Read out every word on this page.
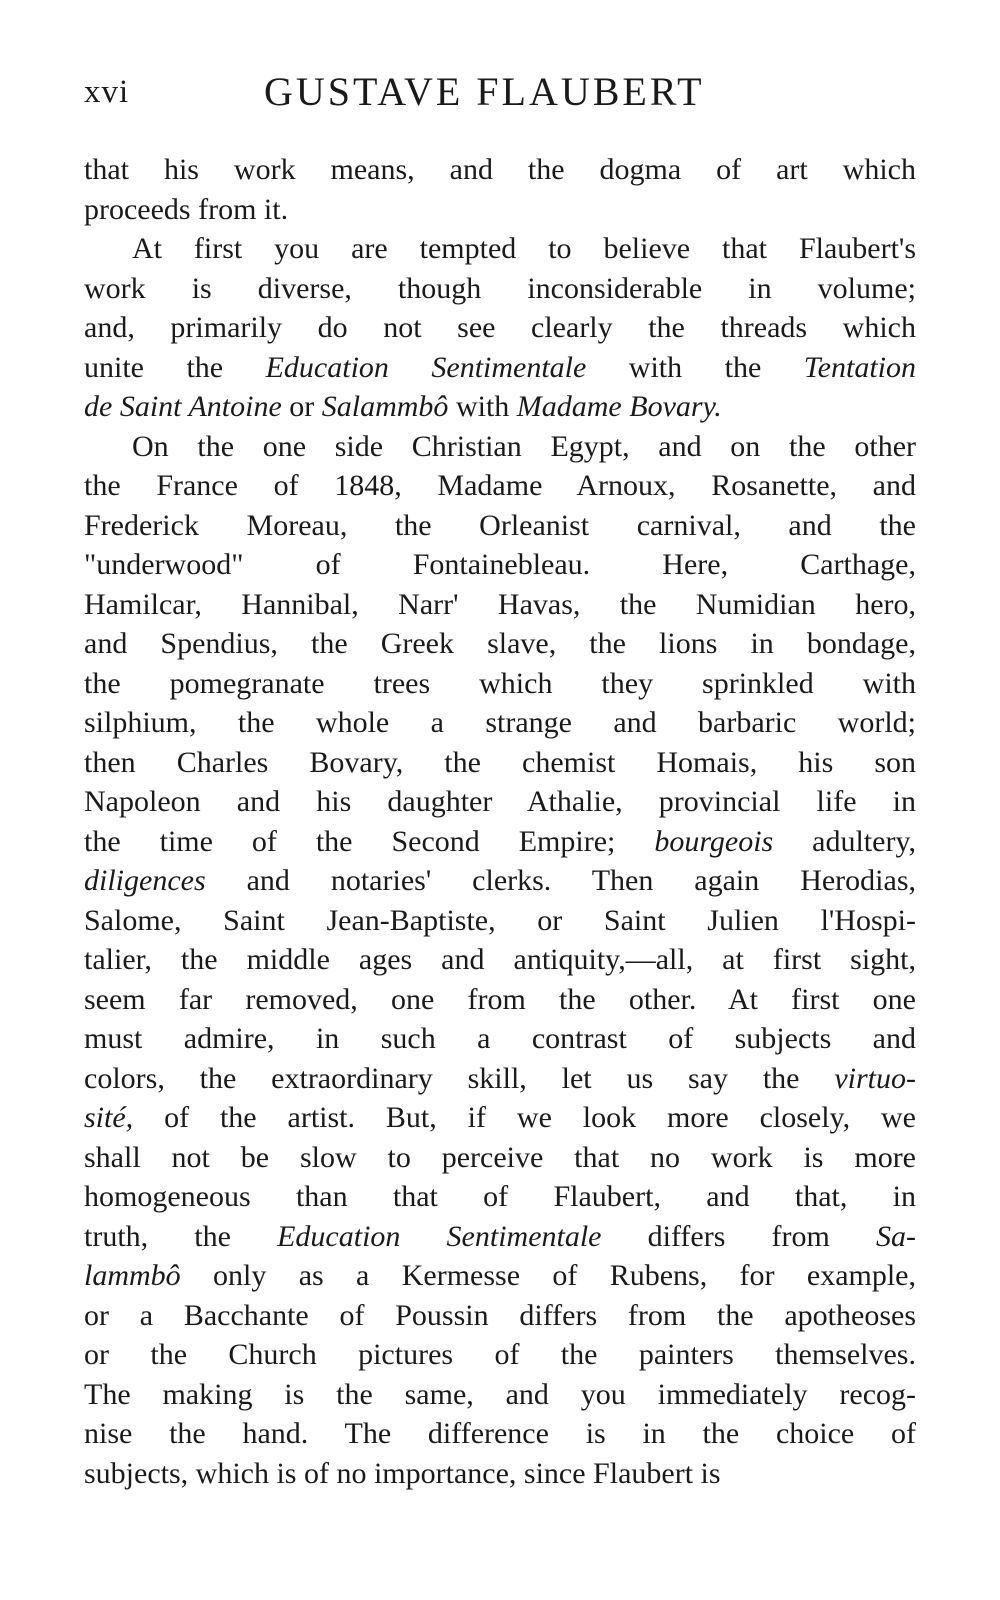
xvi	GUSTAVE FLAUBERT
that his work means, and the dogma of art which
proceeds from it.
At first you are tempted to believe that Flaubert's
work is diverse, though inconsiderable in volume;
and, primarily do not see clearly the threads which
unite the Education Sentimentale with the Tentation
de Saint Antoine or Salammbô with Madame Bovary.
On the one side Christian Egypt, and on the other
the France of 1848, Madame Arnoux, Rosanette, and
Frederick Moreau, the Orleanist carnival, and the
"underwood" of Fontainebleau. Here, Carthage,
Hamilcar, Hannibal, Narr' Havas, the Numidian hero,
and Spendius, the Greek slave, the lions in bondage,
the pomegranate trees which they sprinkled with
silphium, the whole a strange and barbaric world;
then Charles Bovary, the chemist Homais, his son
Napoleon and his daughter Athalie, provincial life in
the time of the Second Empire; bourgeois adultery,
diligences and notaries' clerks. Then again Herodias,
Salome, Saint Jean-Baptiste, or Saint Julien l'Hospi-
talier, the middle ages and antiquity,—all, at first sight,
seem far removed, one from the other. At first one
must admire, in such a contrast of subjects and
colors, the extraordinary skill, let us say the virtuo-
sité, of the artist. But, if we look more closely, we
shall not be slow to perceive that no work is more
homogeneous than that of Flaubert, and that, in
truth, the Education Sentimentale differs from Sa-
lammbô only as a Kermesse of Rubens, for example,
or a Bacchante of Poussin differs from the apotheoses
or the Church pictures of the painters themselves.
The making is the same, and you immediately recog-
nise the hand. The difference is in the choice of
subjects, which is of no importance, since Flaubert is
